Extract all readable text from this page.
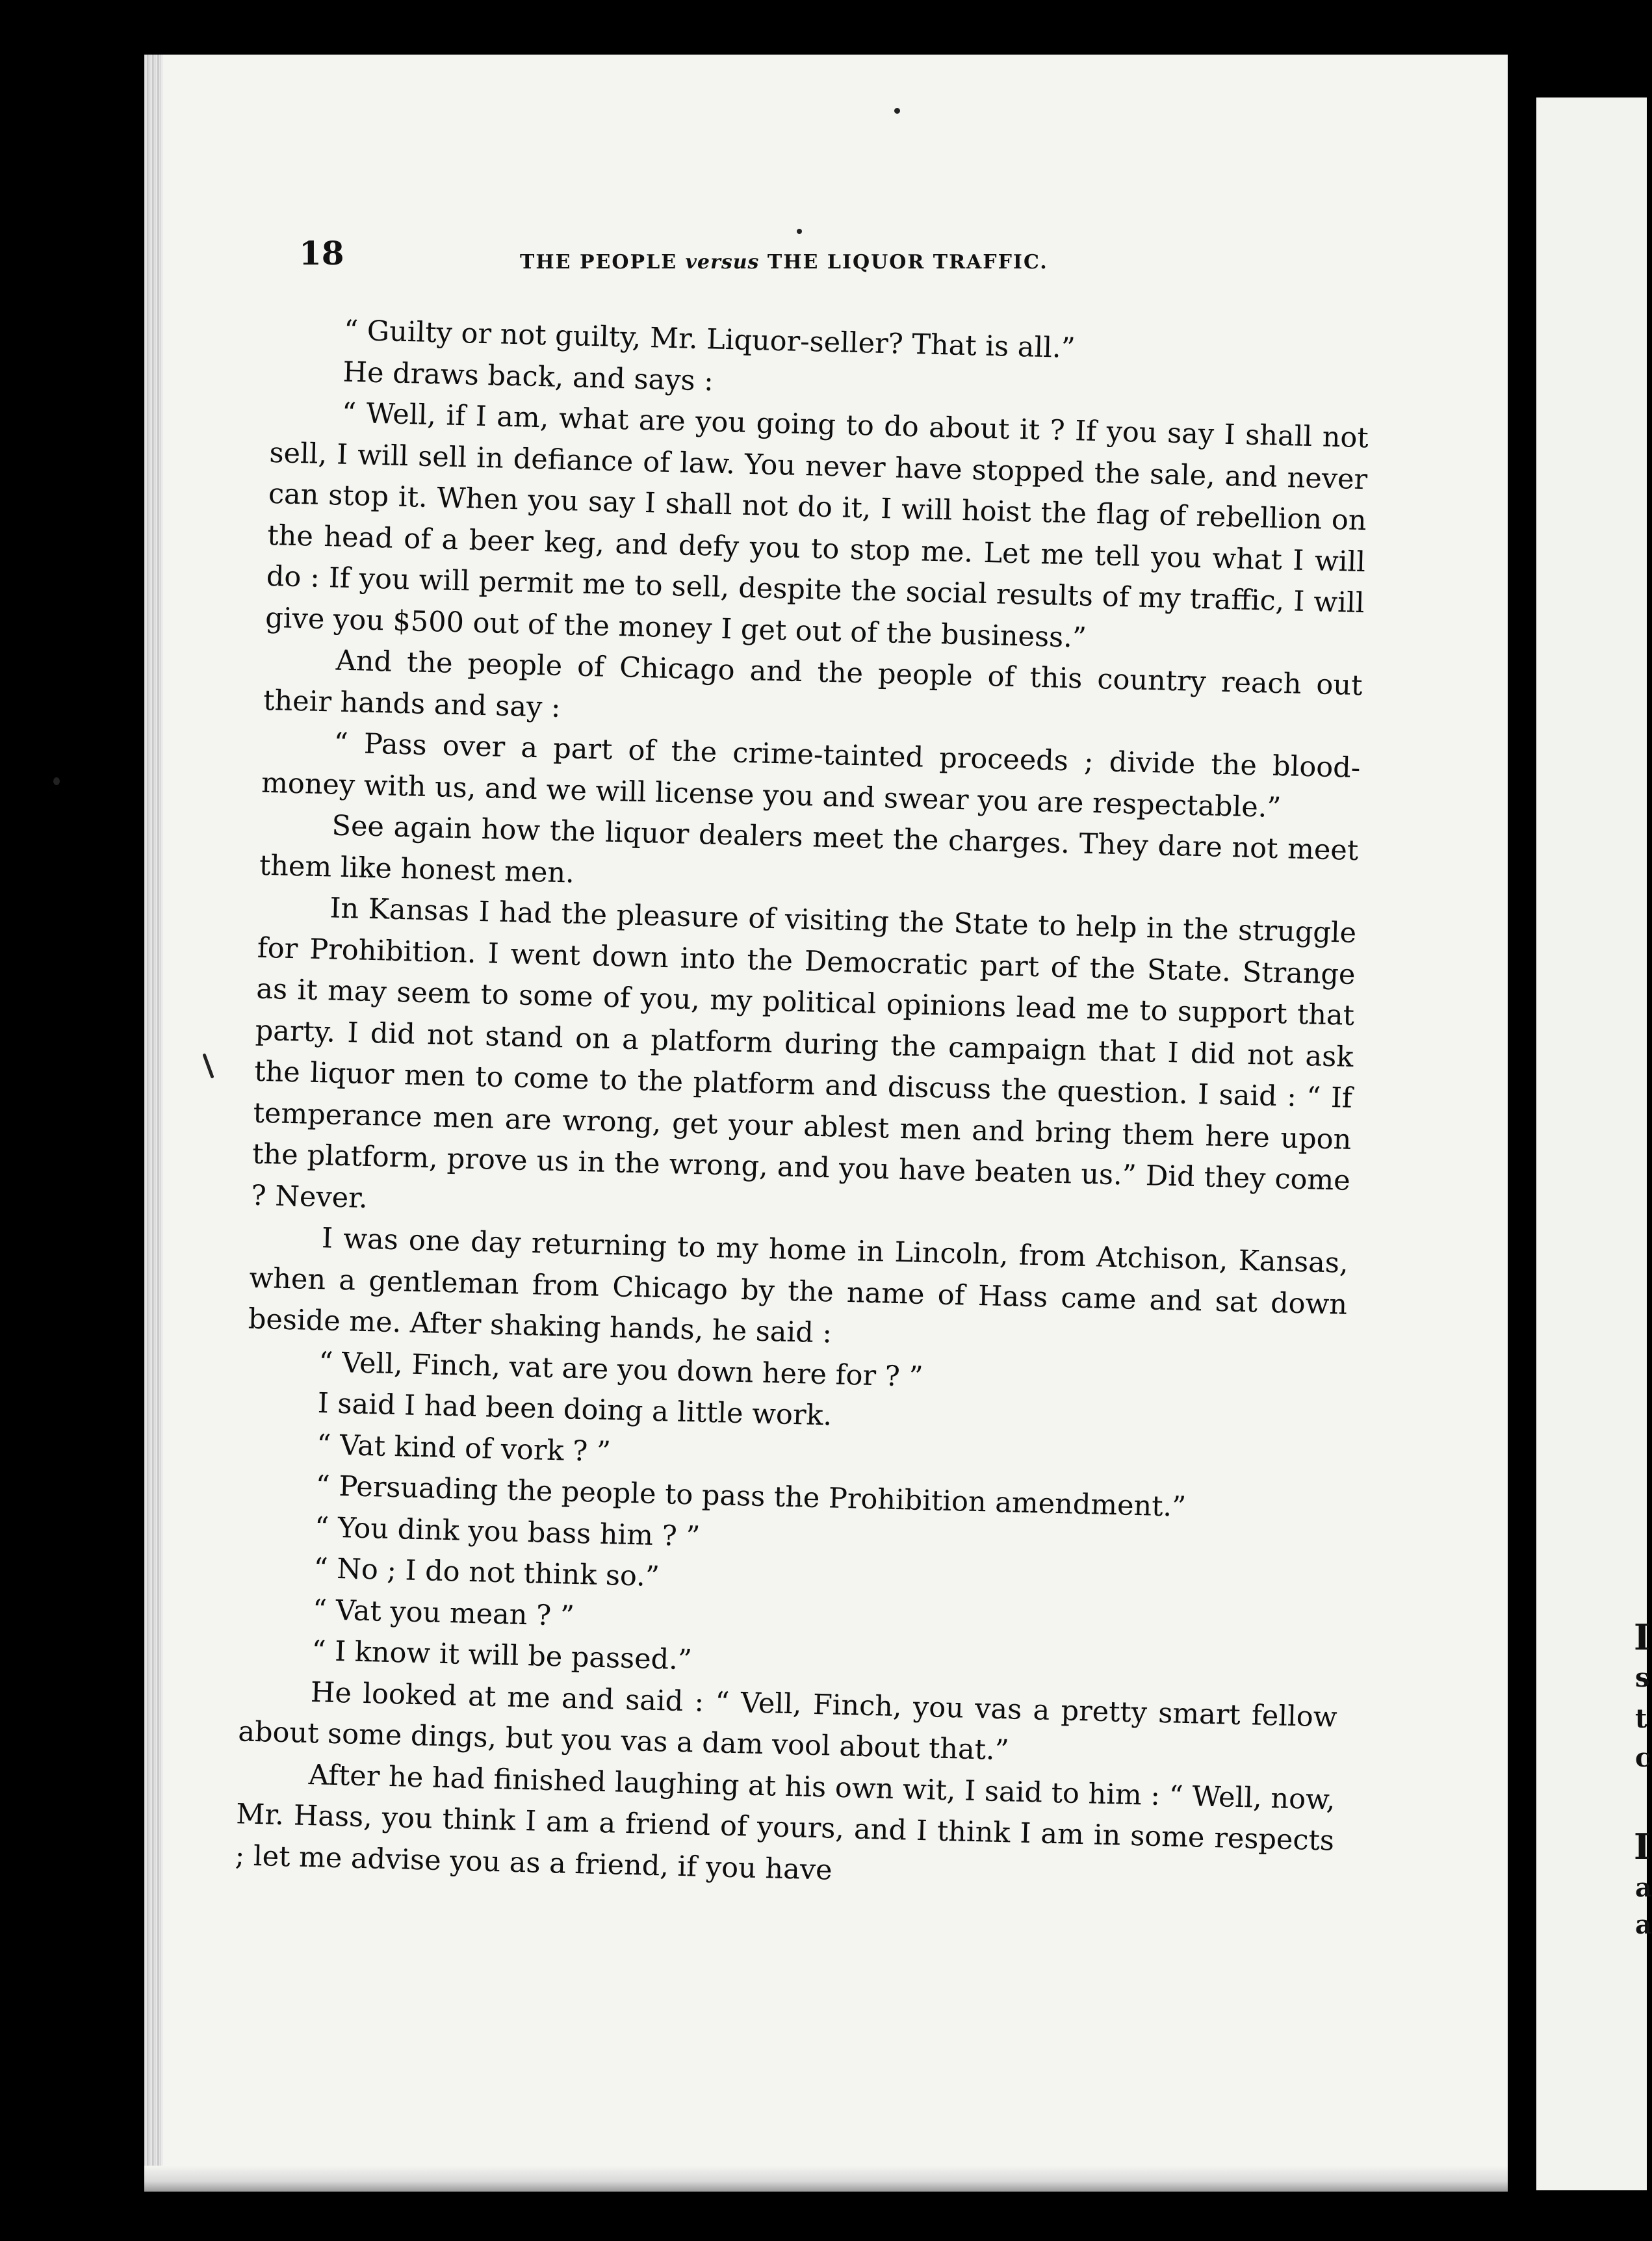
I
s
t
c
I
a
a
18	THE PEOPLE versus THE LIQUOR TRAFFIC.

“ Guilty or not guilty, Mr. Liquor-seller? That is all.”

He draws back, and says :

“ Well, if I am, what are you going to do about it ? If you say I shall not sell, I will sell in defiance of law. You never have stopped the sale, and never can stop it. When you say I shall not do it, I will hoist the flag of rebellion on the head of a beer keg, and defy you to stop me. Let me tell you what I will do : If you will permit me to sell, despite the social results of my traffic, I will give you $500 out of the money I get out of the business.”

And the people of Chicago and the people of this country reach out their hands and say :

“ Pass over a part of the crime-tainted proceeds ; divide the blood-money with us, and we will license you and swear you are respectable.”

See again how the liquor dealers meet the charges. They dare not meet them like honest men.

In Kansas I had the pleasure of visiting the State to help in the struggle for Prohibition. I went down into the Democratic part of the State. Strange as it may seem to some of you, my political opinions lead me to support that party. I did not stand on a platform during the campaign that I did not ask the liquor men to come to the platform and discuss the question. I said : “ If temperance men are wrong, get your ablest men and bring them here upon the platform, prove us in the wrong, and you have beaten us.” Did they come ? Never.

I was one day returning to my home in Lincoln, from Atchison, Kansas, when a gentleman from Chicago by the name of Hass came and sat down beside me. After shaking hands, he said :

“ Vell, Finch, vat are you down here for ? ”

I said I had been doing a little work.

“ Vat kind of vork ? ”

“ Persuading the people to pass the Prohibition amendment.”

“ You dink you bass him ? ”

“ No ; I do not think so.”

“ Vat you mean ? ”

“ I know it will be passed.”

He looked at me and said : “ Vell, Finch, you vas a pretty smart fellow about some dings, but you vas a dam vool about that.”

After he had finished laughing at his own wit, I said to him : “ Well, now, Mr. Hass, you think I am a friend of yours, and I think I am in some respects ; let me advise you as a friend, if you have
